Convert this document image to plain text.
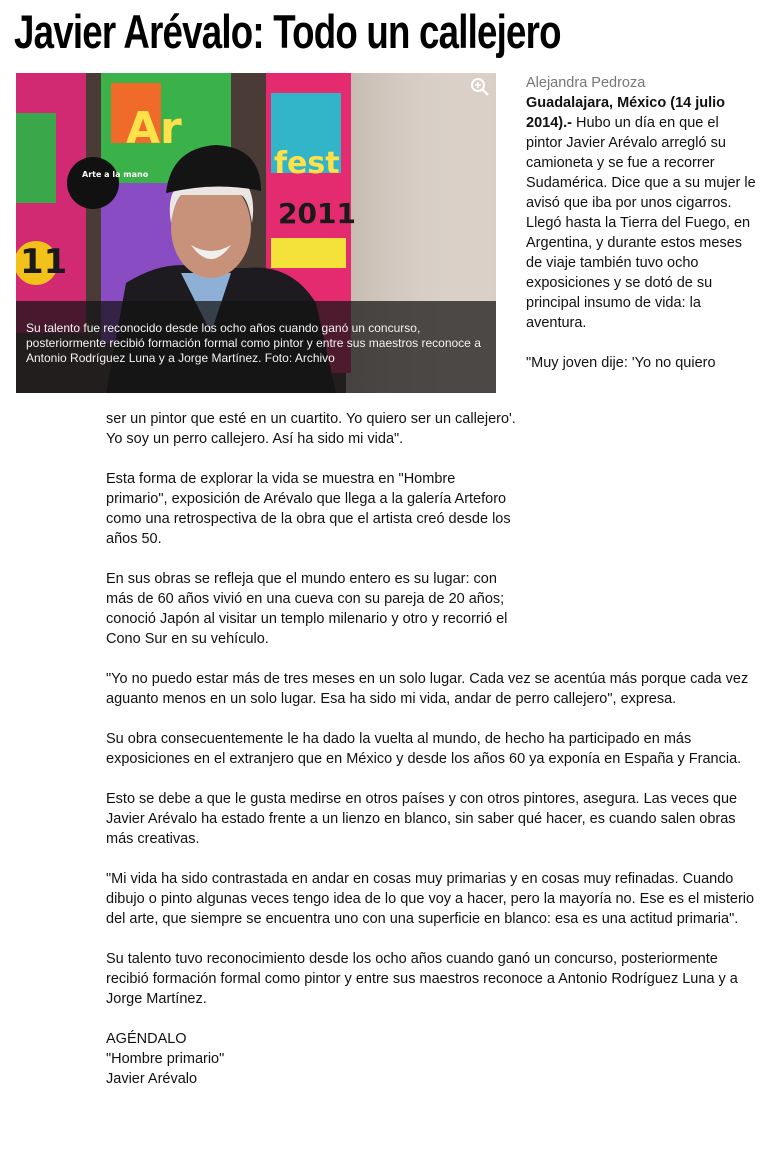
Javier Arévalo: Todo un callejero
11
Ar
Arte a la mano	fest
2011
Su talento fue reconocido desde los ocho años cuando ganó un concurso, posteriormente recibió formación formal como pintor y entre sus maestros reconoce a Antonio Rodríguez Luna y a Jorge Martínez. Foto: Archivo

Alejandra Pedroza

Guadalajara, México (14 julio 2014).- Hubo un día en que el pintor Javier Arévalo arregló su camioneta y se fue a recorrer Sudamérica. Dice que a su mujer le avisó que iba por unos cigarros. Llegó hasta la Tierra del Fuego, en Argentina, y durante estos meses de viaje también tuvo ocho exposiciones y se dotó de su principal insumo de vida: la aventura.

"Muy joven dije: 'Yo no quiero

ser un pintor que esté en un cuartito. Yo quiero ser un callejero'. Yo soy un perro callejero. Así ha sido mi vida".

Esta forma de explorar la vida se muestra en "Hombre primario", exposición de Arévalo que llega a la galería Arteforo como una retrospectiva de la obra que el artista creó desde los años 50.

En sus obras se refleja que el mundo entero es su lugar: con más de 60 años vivió en una cueva con su pareja de 20 años; conoció Japón al visitar un templo milenario y otro y recorrió el Cono Sur en su vehículo.

"Yo no puedo estar más de tres meses en un solo lugar. Cada vez se acentúa más porque cada vez aguanto menos en un solo lugar. Esa ha sido mi vida, andar de perro callejero", expresa.

Su obra consecuentemente le ha dado la vuelta al mundo, de hecho ha participado en más exposiciones en el extranjero que en México y desde los años 60 ya exponía en España y Francia.

Esto se debe a que le gusta medirse en otros países y con otros pintores, asegura. Las veces que Javier Arévalo ha estado frente a un lienzo en blanco, sin saber qué hacer, es cuando salen obras más creativas.

"Mi vida ha sido contrastada en andar en cosas muy primarias y en cosas muy refinadas. Cuando dibujo o pinto algunas veces tengo idea de lo que voy a hacer, pero la mayoría no. Ese es el misterio del arte, que siempre se encuentra uno con una superficie en blanco: esa es una actitud primaria".

Su talento tuvo reconocimiento desde los ocho años cuando ganó un concurso, posteriormente recibió formación formal como pintor y entre sus maestros reconoce a Antonio Rodríguez Luna y a Jorge Martínez.

AGÉNDALO

"Hombre primario"

Javier Arévalo
